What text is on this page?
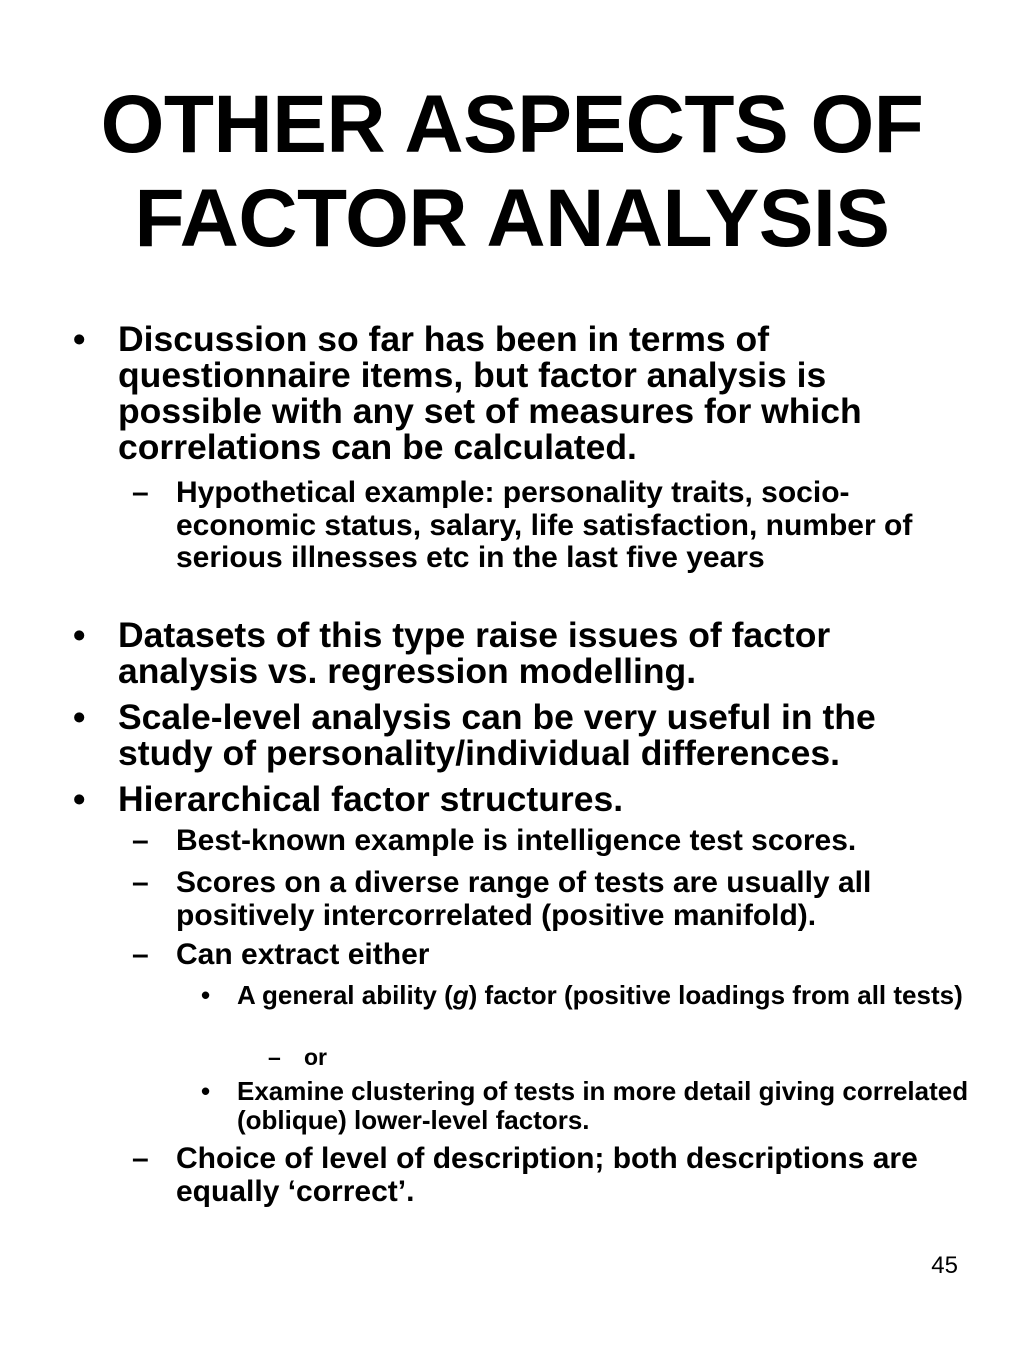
OTHER ASPECTS OF
FACTOR ANALYSIS
• Discussion so far has been in terms of questionnaire items, but factor analysis is possible with any set of measures for which correlations can be calculated.
– Hypothetical example: personality traits, socio-economic status, salary, life satisfaction, number of serious illnesses etc in the last five years
• Datasets of this type raise issues of factor analysis vs. regression modelling.
• Scale-level analysis can be very useful in the study of personality/individual differences.
• Hierarchical factor structures.
– Best-known example is intelligence test scores.
– Scores on a diverse range of tests are usually all positively intercorrelated (positive manifold).
– Can extract either
• A general ability (g) factor (positive loadings from all tests)
– or
• Examine clustering of tests in more detail giving correlated (oblique) lower-level factors.
– Choice of level of description; both descriptions are equally ‘correct’.
45
